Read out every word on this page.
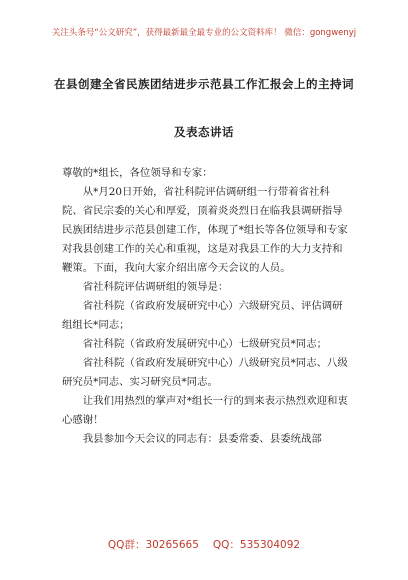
关注头条号“公文研究”，获得最新最全最专业的公文资料库！ 微信：gongwenyj
在县创建全省民族团结进步示范县工作汇报会上的主持词
及表态讲话

尊敬的*组长，各位领导和专家：

从*月20日开始，省社科院评估调研组一行带着省社科院、省民宗委的关心和厚爱，顶着炎炎烈日在临我县调研指导民族团结进步示范县创建工作，体现了*组长等各位领导和专家对我县创建工作的关心和重视，这是对我县工作的大力支持和鞭策。下面，我向大家介绍出席今天会议的人员。

省社科院评估调研组的领导是：

省社科院（省政府发展研究中心）六级研究员、评估调研组组长*同志；

省社科院（省政府发展研究中心）七级研究员*同志；

省社科院（省政府发展研究中心）八级研究员*同志、八级研究员*同志、实习研究员*同志。

让我们用热烈的掌声对*组长一行的到来表示热烈欢迎和衷心感谢！

我县参加今天会议的同志有：县委常委、县委统战部

QQ群：30265665 QQ：535304092
